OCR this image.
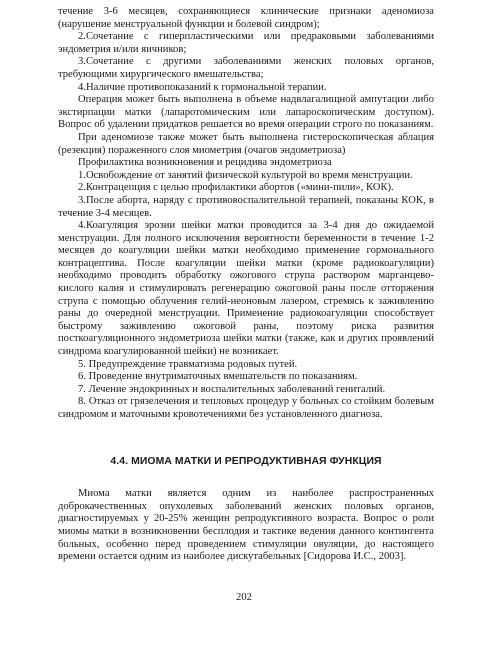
течение 3-6 месяцев, сохраняющиеся клинические признаки аденомиоза (нарушение менструальной функции и болевой синдром);

2.Сочетание с гиперпластическими или предраковыми заболеваниями эндометрия и/или яичников;

3.Сочетание с другими заболеваниями женских половых органов, требующими хирургического вмешательства;

4.Наличие противопоказаний к гормональной терапии.

Операция может быть выполнена в объеме надвлагалищной ампутации либо экстирпации матки (лапаротомическим или лапароскопическим доступом). Вопрос об удалении придатков решается во время операции строго по показаниям.

При аденомиозе также может быть выполнена гистероскопическая аблация (резекция) пораженного слоя миометрия (очагов эндометриоза)

Профилактика возникновения и рецидива эндометриоза

1.Освобождение от занятий физической культурой во время менструации.

2.Контрацепция с целью профилактики абортов («мини-пили», КОК).

3.После аборта, наряду с противовоспалительной терапией, показаны КОК, в течение 3-4 месяцев.

4.Коагуляция эрозии шейки матки проводится за 3-4 дня до ожидаемой менструации. Для полного исключения вероятности беременности в течение 1-2 месяцев до коагуляции шейки матки необходимо применение гормонального контрацептива. После коагуляции шейки матки (кроме радиокоагуляции) необходимо проводить обработку ожогового струпа раствором марганцево-кислого калия и стимулировать регенерацию ожоговой раны после отторжения струпа с помощью облучения гелий-неоновым лазером, стремясь к заживлению раны до очередной менструации. Применение радиокоагуляции способствует быстрому заживлению ожоговой раны, поэтому риска развития посткоагуляционного эндометриоза шейки матки (также, как и других проявлений синдрома коагулированной шейки) не возникает.

5. Предупреждение травматизма родовых путей.

6. Проведение внутриматочных вмешательств по показаниям.

7. Лечение эндокринных и воспалительных заболеваний гениталий.

8. Отказ от грязелечения и тепловых процедур у больных со стойким болевым синдромом и маточными кровотечениями без установленного диагноза.

4.4. МИОМА МАТКИ И РЕПРОДУКТИВНАЯ ФУНКЦИЯ

Миома матки является одним из наиболее распространенных доброкачественных опухолевых заболеваний женских половых органов, диагностируемых у 20-25% женщин репродуктивного возраста. Вопрос о роли миомы матки в возникновении бесплодия и тактике ведения данного контингента больных, особенно перед проведением стимуляции овуляции, до настоящего времени остается одним из наиболее дискутабельных [Сидорова И.С., 2003].

202
